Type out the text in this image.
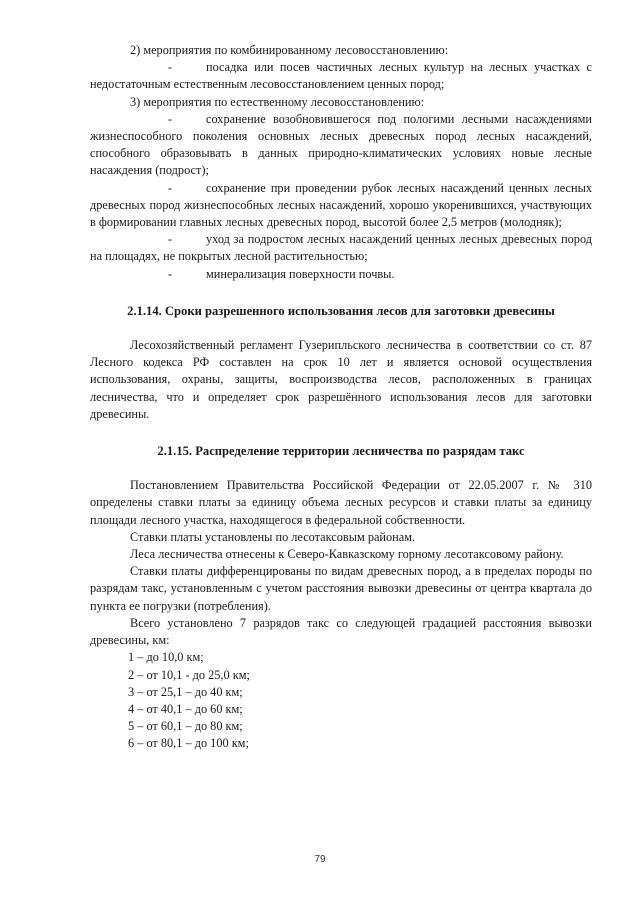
2) мероприятия по комбинированному лесовосстановлению:

-	посадка или посев частичных лесных культур на лесных участках с недостаточным естественным лесовосстановлением ценных пород;

3) мероприятия по естественному лесовосстановлению:

-	сохранение возобновившегося под пологими лесными насаждениями жизнеспособного поколения основных лесных древесных пород лесных насаждений, способного образовывать в данных природно-климатических условиях новые лесные насаждения (подрост);

-	сохранение при проведении рубок лесных насаждений ценных лесных древесных пород жизнеспособных лесных насаждений, хорошо укоренившихся, участвующих в формировании главных лесных древесных пород, высотой более 2,5 метров (молодняк);

-	уход за подростом лесных насаждений ценных лесных древесных пород на площадях, не покрытых лесной растительностью;

-	минерализация поверхности почвы.

2.1.14. Сроки разрешенного использования лесов для заготовки древесины

Лесохозяйственный регламент Гузерипльского лесничества в соответствии со ст. 87 Лесного кодекса РФ составлен на срок 10 лет и является основой осуществления использования, охраны, защиты, воспроизводства лесов, расположенных в границах лесничества, что и определяет срок разрешённого использования лесов для заготовки древесины.

2.1.15. Распределение территории лесничества по разрядам такс

Постановлением Правительства Российской Федерации от 22.05.2007 г. № 310 определены ставки платы за единицу объема лесных ресурсов и ставки платы за единицу площади лесного участка, находящегося в федеральной собственности.

Ставки платы установлены по лесотаксовым районам.

Леса лесничества отнесены к Северо-Кавказскому горному лесотаксовому району.

Ставки платы дифференцированы по видам древесных пород, а в пределах породы по разрядам такс, установленным с учетом расстояния вывозки древесины от центра квартала до пункта ее погрузки (потребления).

Всего установлено 7 разрядов такс со следующей градацией расстояния вывозки древесины, км:

1 – до 10,0 км;

2 – от 10,1 - до 25,0 км;

3 – от 25,1 – до 40 км;

4 – от 40,1 – до 60 км;

5 – от 60,1 – до 80 км;

6 – от 80,1 – до 100 км;

79
